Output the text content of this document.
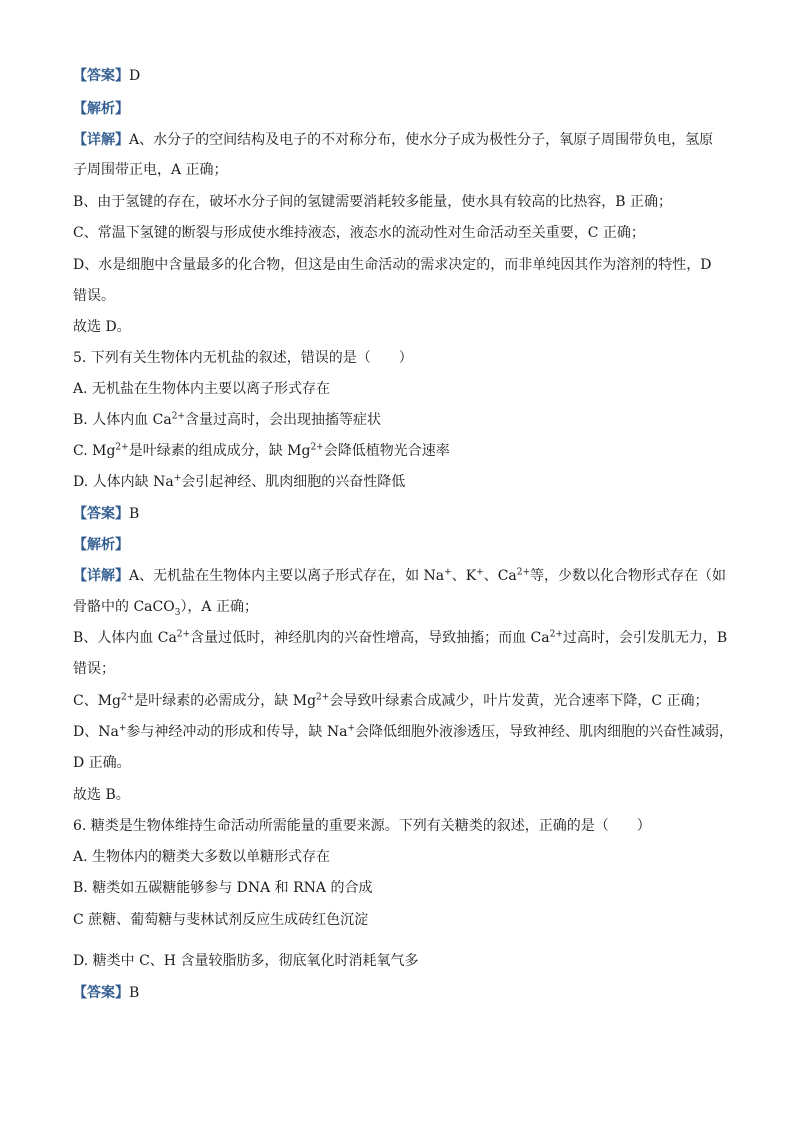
【答案】D
【解析】
【详解】A、水分子的空间结构及电子的不对称分布，使水分子成为极性分子，氧原子周围带负电，氢原
子周围带正电，A 正确；
B、由于氢键的存在，破坏水分子间的氢键需要消耗较多能量，使水具有较高的比热容，B 正确；
C、常温下氢键的断裂与形成使水维持液态，液态水的流动性对生命活动至关重要，C 正确；
D、水是细胞中含量最多的化合物，但这是由生命活动的需求决定的，而非单纯因其作为溶剂的特性，D
错误。
故选 D。
5. 下列有关生物体内无机盐的叙述，错误的是（　　）
A. 无机盐在生物体内主要以离子形式存在
B. 人体内血 $Ca^{2+}$含量过高时，会出现抽搐等症状
C. $Mg^{2+}$是叶绿素的组成成分，缺 $Mg^{2+}$会降低植物光合速率
D. 人体内缺 Na+会引起神经、肌肉细胞的兴奋性降低
【答案】B
【解析】
【详解】A、无机盐在生物体内主要以离子形式存在，如 Na+、K+、$Ca^{2+}$等，少数以化合物形式存在（如
骨骼中的 CaCO$_3$），A 正确；
B、人体内血 $Ca^{2+}$含量过低时，神经肌肉的兴奋性增高，导致抽搐；而血 $Ca^{2+}$过高时，会引发肌无力，B
错误；
C、$Mg^{2+}$是叶绿素的必需成分，缺 $Mg^{2+}$会导致叶绿素合成减少，叶片发黄，光合速率下降，C 正确；
D、Na+参与神经冲动的形成和传导，缺 Na+会降低细胞外液渗透压，导致神经、肌肉细胞的兴奋性减弱，
D 正确。
故选 B。
6. 糖类是生物体维持生命活动所需能量的重要来源。下列有关糖类的叙述，正确的是（　　）
A. 生物体内的糖类大多数以单糖形式存在
B. 糖类如五碳糖能够参与 DNA 和 RNA 的合成
C 蔗糖、葡萄糖与斐林试剂反应生成砖红色沉淀
D. 糖类中 C、H 含量较脂肪多，彻底氧化时消耗氧气多
【答案】B
